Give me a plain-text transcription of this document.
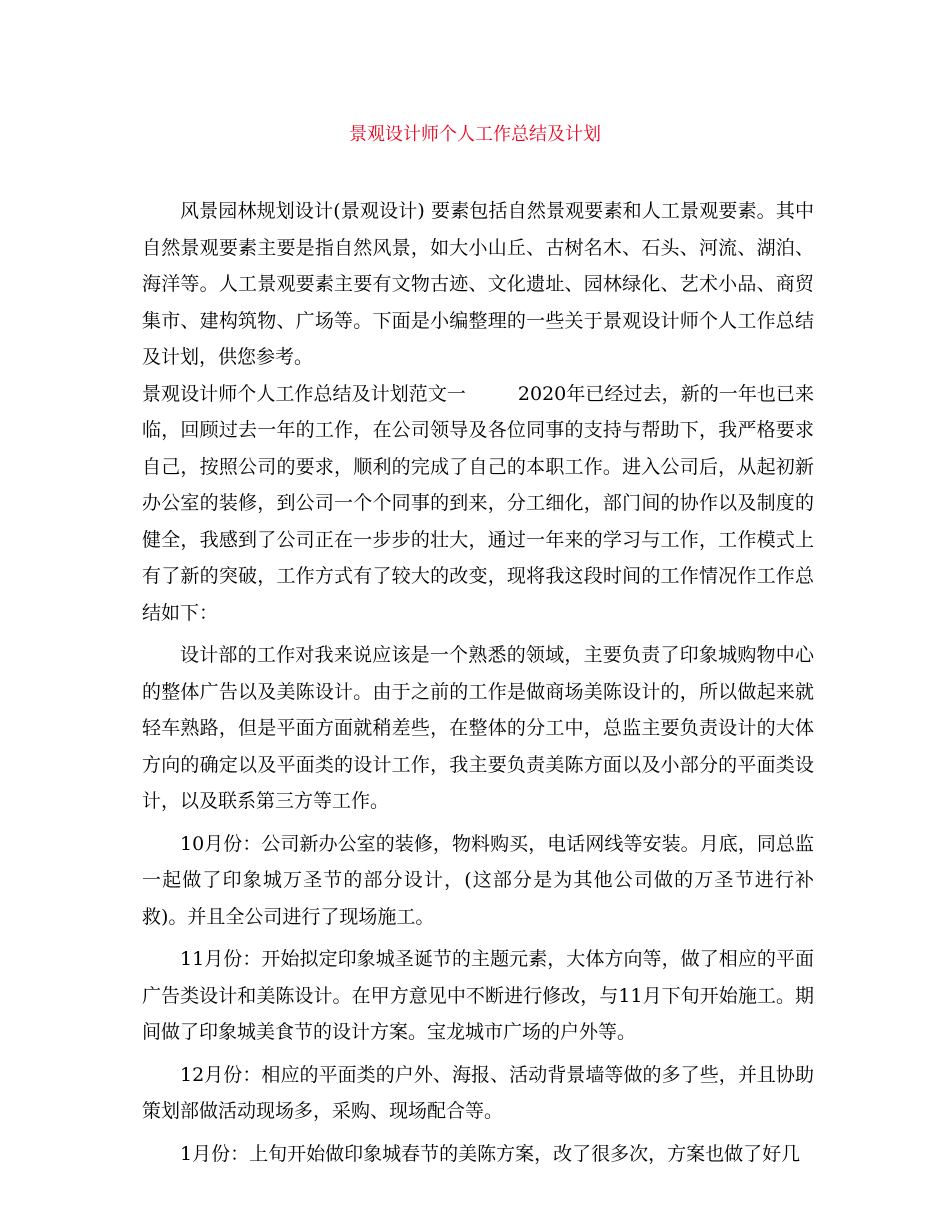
景观设计师个人工作总结及计划

风景园林规划设计(景观设计) 要素包括自然景观要素和人工景观要素。其中自然景观要素主要是指自然风景，如大小山丘、古树名木、石头、河流、湖泊、海洋等。人工景观要素主要有文物古迹、文化遗址、园林绿化、艺术小品、商贸集市、建构筑物、广场等。下面是小编整理的一些关于景观设计师个人工作总结及计划，供您参考。

景观设计师个人工作总结及计划范文一	2020年已经过去，新的一年也已来临，回顾过去一年的工作，在公司领导及各位同事的支持与帮助下，我严格要求自己，按照公司的要求，顺利的完成了自己的本职工作。进入公司后，从起初新办公室的装修，到公司一个个同事的到来，分工细化，部门间的协作以及制度的健全，我感到了公司正在一步步的壮大，通过一年来的学习与工作，工作模式上有了新的突破，工作方式有了较大的改变，现将我这段时间的工作情况作工作总结如下：

设计部的工作对我来说应该是一个熟悉的领域，主要负责了印象城购物中心的整体广告以及美陈设计。由于之前的工作是做商场美陈设计的，所以做起来就轻车熟路，但是平面方面就稍差些，在整体的分工中，总监主要负责设计的大体方向的确定以及平面类的设计工作，我主要负责美陈方面以及小部分的平面类设计，以及联系第三方等工作。

10月份：公司新办公室的装修，物料购买，电话网线等安装。月底，同总监一起做了印象城万圣节的部分设计，(这部分是为其他公司做的万圣节进行补救)。并且全公司进行了现场施工。

11月份：开始拟定印象城圣诞节的主题元素，大体方向等，做了相应的平面广告类设计和美陈设计。在甲方意见中不断进行修改，与11月下旬开始施工。期间做了印象城美食节的设计方案。宝龙城市广场的户外等。

12月份：相应的平面类的户外、海报、活动背景墙等做的多了些，并且协助策划部做活动现场多，采购、现场配合等。

1月份：上旬开始做印象城春节的美陈方案，改了很多次，方案也做了好几
